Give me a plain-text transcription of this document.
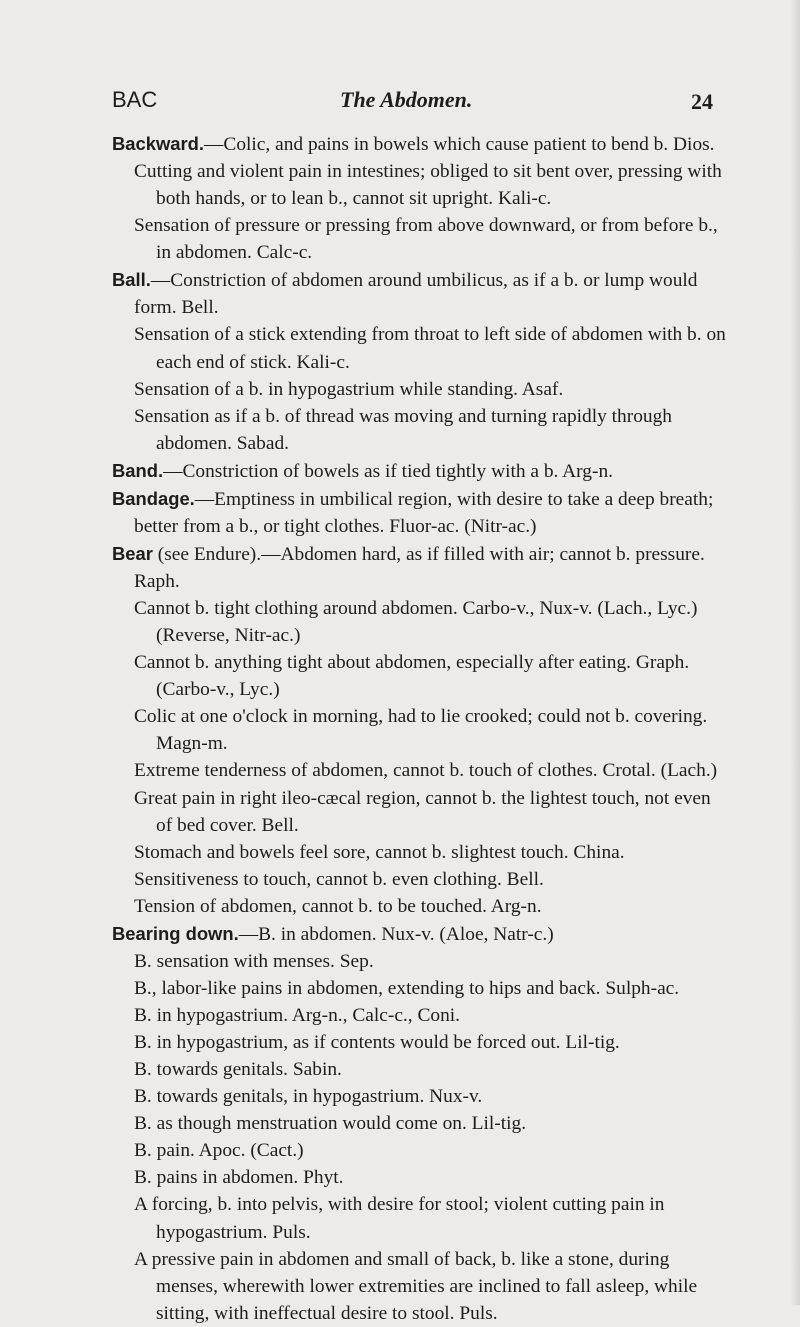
BAC	The Abdomen.	24

Backward.—Colic, and pains in bowels which cause patient to bend b. Dios.

Cutting and violent pain in intestines; obliged to sit bent over, pressing with both hands, or to lean b., cannot sit upright. Kali-c.

Sensation of pressure or pressing from above downward, or from before b., in abdomen. Calc-c.

Ball.—Constriction of abdomen around umbilicus, as if a b. or lump would form. Bell.

Sensation of a stick extending from throat to left side of abdomen with b. on each end of stick. Kali-c.

Sensation of a b. in hypogastrium while standing. Asaf.

Sensation as if a b. of thread was moving and turning rapidly through abdomen. Sabad.

Band.—Constriction of bowels as if tied tightly with a b. Arg-n.

Bandage.—Emptiness in umbilical region, with desire to take a deep breath; better from a b., or tight clothes. Fluor-ac. (Nitr-ac.)

Bear (see Endure).—Abdomen hard, as if filled with air; cannot b. pressure. Raph.

Cannot b. tight clothing around abdomen. Carbo-v., Nux-v. (Lach., Lyc.) (Reverse, Nitr-ac.)

Cannot b. anything tight about abdomen, especially after eating. Graph. (Carbo-v., Lyc.)

Colic at one o'clock in morning, had to lie crooked; could not b. covering. Magn-m.

Extreme tenderness of abdomen, cannot b. touch of clothes. Crotal. (Lach.)

Great pain in right ileo-cæcal region, cannot b. the lightest touch, not even of bed cover. Bell.

Stomach and bowels feel sore, cannot b. slightest touch. China.

Sensitiveness to touch, cannot b. even clothing. Bell.

Tension of abdomen, cannot b. to be touched. Arg-n.

Bearing down.—B. in abdomen. Nux-v. (Aloe, Natr-c.)

B. sensation with menses. Sep.

B., labor-like pains in abdomen, extending to hips and back. Sulph-ac.

B. in hypogastrium. Arg-n., Calc-c., Coni.

B. in hypogastrium, as if contents would be forced out. Lil-tig.

B. towards genitals. Sabin.

B. towards genitals, in hypogastrium. Nux-v.

B. as though menstruation would come on. Lil-tig.

B. pain. Apoc. (Cact.)

B. pains in abdomen. Phyt.

A forcing, b. into pelvis, with desire for stool; violent cutting pain in hypogastrium. Puls.

A pressive pain in abdomen and small of back, b. like a stone, during menses, wherewith lower extremities are inclined to fall asleep, while sitting, with ineffectual desire to stool. Puls.
